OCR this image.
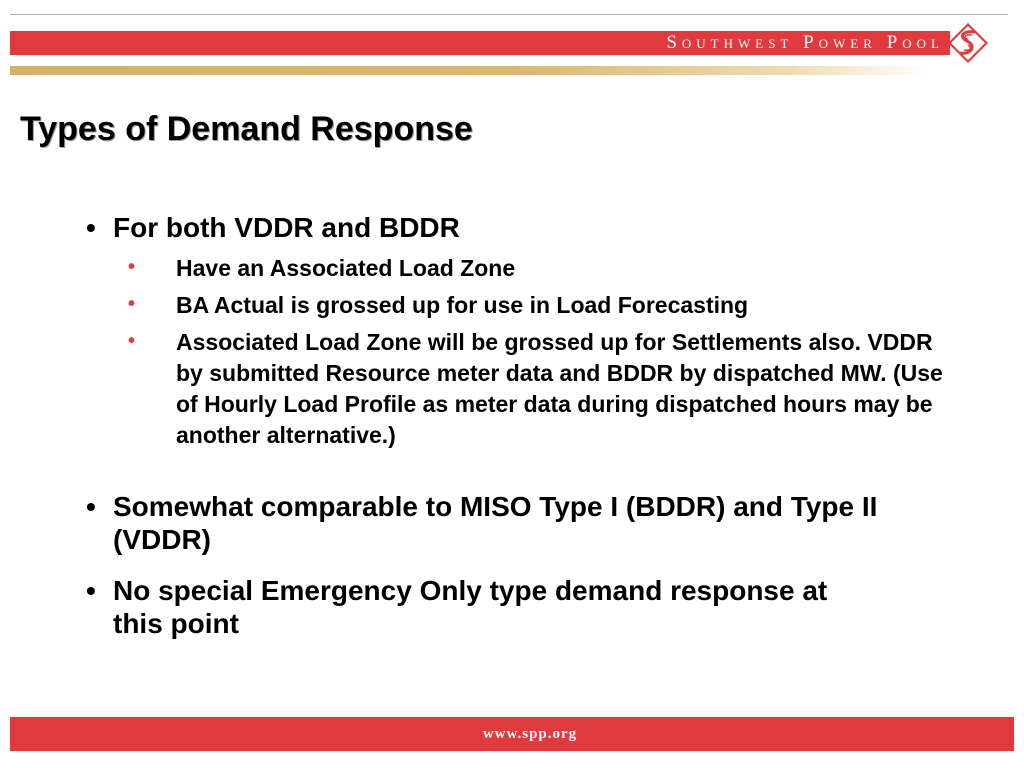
Southwest Power Pool
Types of Demand Response
• For both VDDR and BDDR
• Have an Associated Load Zone
• BA Actual is grossed up for use in Load Forecasting
• Associated Load Zone will be grossed up for Settlements also. VDDR by submitted Resource meter data and BDDR by dispatched MW. (Use of Hourly Load Profile as meter data during dispatched hours may be another alternative.)
• Somewhat comparable to MISO Type I (BDDR) and Type II (VDDR)
• No special Emergency Only type demand response at this point
www.spp.org
